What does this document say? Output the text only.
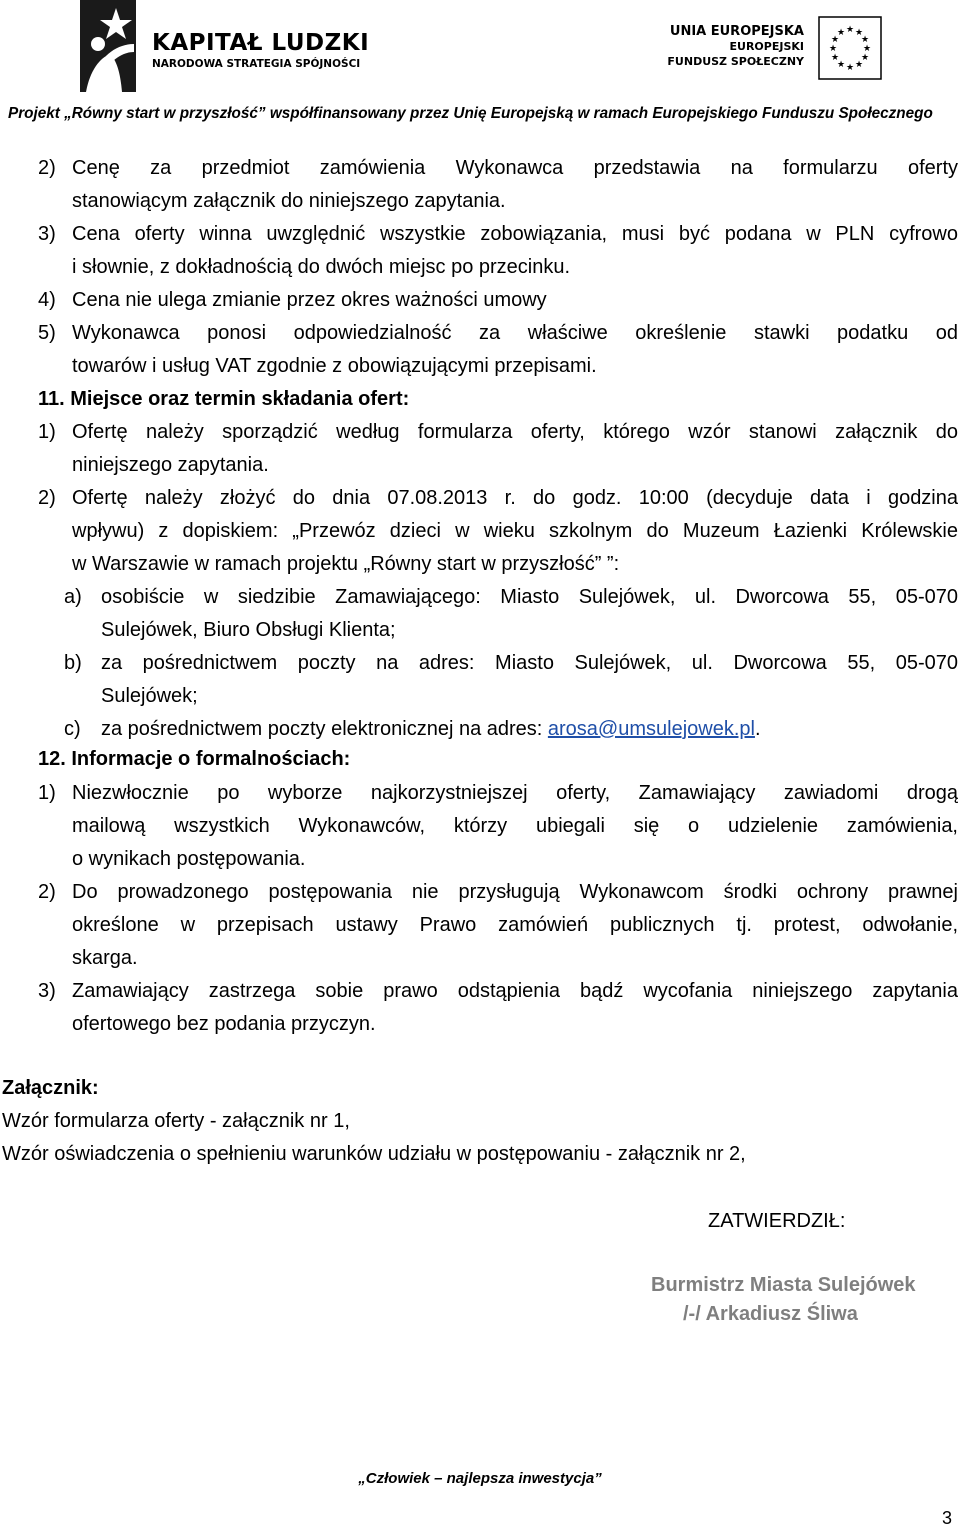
KAPITAŁ LUDZKI
NARODOWA STRATEGIA SPÓJNOŚCI
UNIA EUROPEJSKA
EUROPEJSKI
FUNDUSZ SPOŁECZNY
★ ★
★
★
★
★
★
★
★
★
★
★
Projekt „Równy start w przyszłość” współfinansowany przez Unię Europejską w ramach Europejskiego Funduszu Społecznego
2) Cenę za przedmiot zamówienia Wykonawca przedstawia na formularzu oferty
stanowiącym załącznik do niniejszego zapytania.
3) Cena oferty winna uwzględnić wszystkie zobowiązania, musi być podana w PLN cyfrowo
i słownie, z dokładnością do dwóch miejsc po przecinku.
4) Cena nie ulega zmianie przez okres ważności umowy
5) Wykonawca ponosi odpowiedzialność za właściwe określenie stawki podatku od
towarów i usług VAT zgodnie z obowiązującymi przepisami.
11. Miejsce oraz termin składania ofert:
1) Ofertę należy sporządzić według formularza oferty, którego wzór stanowi załącznik do
niniejszego zapytania.
2) Ofertę należy złożyć do dnia 07.08.2013 r. do godz. 10:00 (decyduje data i godzina
wpływu) z dopiskiem: „Przewóz dzieci w wieku szkolnym do Muzeum Łazienki Królewskie
w Warszawie w ramach projektu „Równy start w przyszłość” ”:
a) osobiście w siedzibie Zamawiającego: Miasto Sulejówek, ul. Dworcowa 55, 05-070
Sulejówek, Biuro Obsługi Klienta;
b) za pośrednictwem poczty na adres: Miasto Sulejówek, ul. Dworcowa 55, 05-070
Sulejówek;
c) za pośrednictwem poczty elektronicznej na adres: arosa@umsulejowek.pl.
12. Informacje o formalnościach:
1) Niezwłocznie po wyborze najkorzystniejszej oferty, Zamawiający zawiadomi drogą
mailową wszystkich Wykonawców, którzy ubiegali się o udzielenie zamówienia,
o wynikach postępowania.
2) Do prowadzonego postępowania nie przysługują Wykonawcom środki ochrony prawnej
określone w przepisach ustawy Prawo zamówień publicznych tj. protest, odwołanie,
skarga.
3) Zamawiający zastrzega sobie prawo odstąpienia bądź wycofania niniejszego zapytania
ofertowego bez podania przyczyn.
Załącznik:
Wzór formularza oferty - załącznik nr 1,
Wzór oświadczenia o spełnieniu warunków udziału w postępowaniu - załącznik nr 2,
ZATWIERDZIŁ:
Burmistrz Miasta Sulejówek
/-/ Arkadiusz Śliwa
„Człowiek – najlepsza inwestycja”
3
